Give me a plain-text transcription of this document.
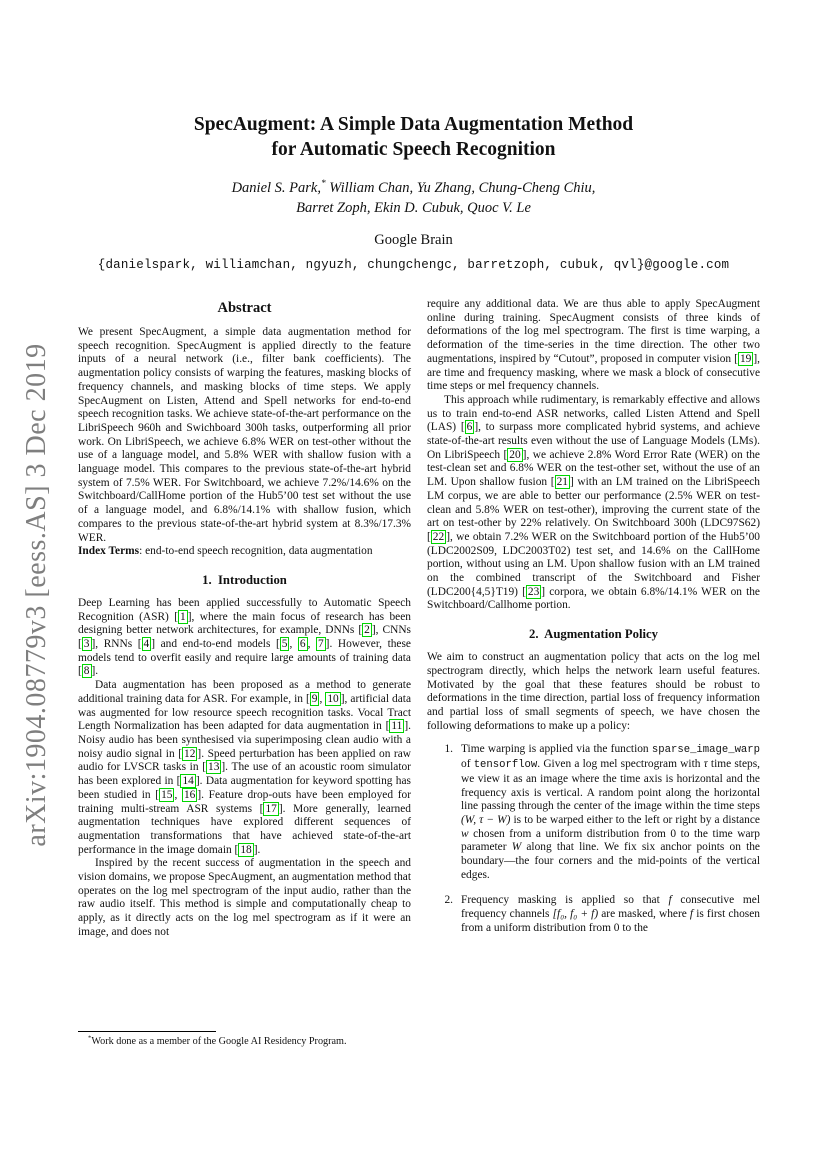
arXiv:1904.08779v3 [eess.AS] 3 Dec 2019
SpecAugment: A Simple Data Augmentation Method
for Automatic Speech Recognition
Daniel S. Park,* William Chan, Yu Zhang, Chung-Cheng Chiu,
Barret Zoph, Ekin D. Cubuk, Quoc V. Le
Google Brain
{danielspark, williamchan, ngyuzh, chungchengc, barretzoph, cubuk, qvl}@google.com
Abstract

We present SpecAugment, a simple data augmentation method for speech recognition. SpecAugment is applied directly to the feature inputs of a neural network (i.e., filter bank coefficients). The augmentation policy consists of warping the features, masking blocks of frequency channels, and masking blocks of time steps. We apply SpecAugment on Listen, Attend and Spell networks for end-to-end speech recognition tasks. We achieve state-of-the-art performance on the LibriSpeech 960h and Swichboard 300h tasks, outperforming all prior work. On LibriSpeech, we achieve 6.8% WER on test-other without the use of a language model, and 5.8% WER with shallow fusion with a language model. This compares to the previous state-of-the-art hybrid system of 7.5% WER. For Switchboard, we achieve 7.2%/14.6% on the Switchboard/CallHome portion of the Hub5’00 test set without the use of a language model, and 6.8%/14.1% with shallow fusion, which compares to the previous state-of-the-art hybrid system at 8.3%/17.3% WER.

Index Terms: end-to-end speech recognition, data augmentation

1.  Introduction

Deep Learning has been applied successfully to Automatic Speech Recognition (ASR) [ 1 ], where the main focus of research has been designing better network architectures, for example, DNNs [ 2 ], CNNs [ 3 ], RNNs [ 4 ] and end-to-end models [ 5 , 6 , 7 ]. However, these models tend to overfit easily and require large amounts of training data [ 8 ].

Data augmentation has been proposed as a method to generate additional training data for ASR. For example, in [ 9 , 10 ], artificial data was augmented for low resource speech recognition tasks. Vocal Tract Length Normalization has been adapted for data augmentation in [ 11 ]. Noisy audio has been synthesised via superimposing clean audio with a noisy audio signal in [ 12 ]. Speed perturbation has been applied on raw audio for LVSCR tasks in [ 13 ]. The use of an acoustic room simulator has been explored in [ 14 ]. Data augmentation for keyword spotting has been studied in [ 15 , 16 ]. Feature drop-outs have been employed for training multi-stream ASR systems [ 17 ]. More generally, learned augmentation techniques have explored different sequences of augmentation transformations that have achieved state-of-the-art performance in the image domain [ 18 ].

Inspired by the recent success of augmentation in the speech and vision domains, we propose SpecAugment, an augmentation method that operates on the log mel spectrogram of the input audio, rather than the raw audio itself. This method is simple and computationally cheap to apply, as it directly acts on the log mel spectrogram as if it were an image, and does not

*Work done as a member of the Google AI Residency Program.

require any additional data. We are thus able to apply SpecAugment online during training. SpecAugment consists of three kinds of deformations of the log mel spectrogram. The first is time warping, a deformation of the time-series in the time direction. The other two augmentations, inspired by “Cutout”, proposed in computer vision [ 19 ], are time and frequency masking, where we mask a block of consecutive time steps or mel frequency channels.

This approach while rudimentary, is remarkably effective and allows us to train end-to-end ASR networks, called Listen Attend and Spell (LAS) [ 6 ], to surpass more complicated hybrid systems, and achieve state-of-the-art results even without the use of Language Models (LMs). On LibriSpeech [ 20 ], we achieve 2.8% Word Error Rate (WER) on the test-clean set and 6.8% WER on the test-other set, without the use of an LM. Upon shallow fusion [ 21 ] with an LM trained on the LibriSpeech LM corpus, we are able to better our performance (2.5% WER on test-clean and 5.8% WER on test-other), improving the current state of the art on test-other by 22% relatively. On Switchboard 300h (LDC97S62) [ 22 ], we obtain 7.2% WER on the Switchboard portion of the Hub5’00 (LDC2002S09, LDC2003T02) test set, and 14.6% on the CallHome portion, without using an LM. Upon shallow fusion with an LM trained on the combined transcript of the Switchboard and Fisher (LDC200{4,5}T19) [ 23 ] corpora, we obtain 6.8%/14.1% WER on the Switchboard/Callhome portion.

2.  Augmentation Policy

We aim to construct an augmentation policy that acts on the log mel spectrogram directly, which helps the network learn useful features. Motivated by the goal that these features should be robust to deformations in the time direction, partial loss of frequency information and partial loss of small segments of speech, we have chosen the following deformations to make up a policy:

1. Time warping is applied via the function sparse_image_warp of tensorflow. Given a log mel spectrogram with τ time steps, we view it as an image where the time axis is horizontal and the frequency axis is vertical. A random point along the horizontal line passing through the center of the image within the time steps (W, τ − W) is to be warped either to the left or right by a distance w chosen from a uniform distribution from 0 to the time warp parameter W along that line. We fix six anchor points on the boundary—the four corners and the mid-points of the vertical edges.
2. Frequency masking is applied so that f consecutive mel frequency channels [f₀, f₀ + f) are masked, where f is first chosen from a uniform distribution from 0 to the
